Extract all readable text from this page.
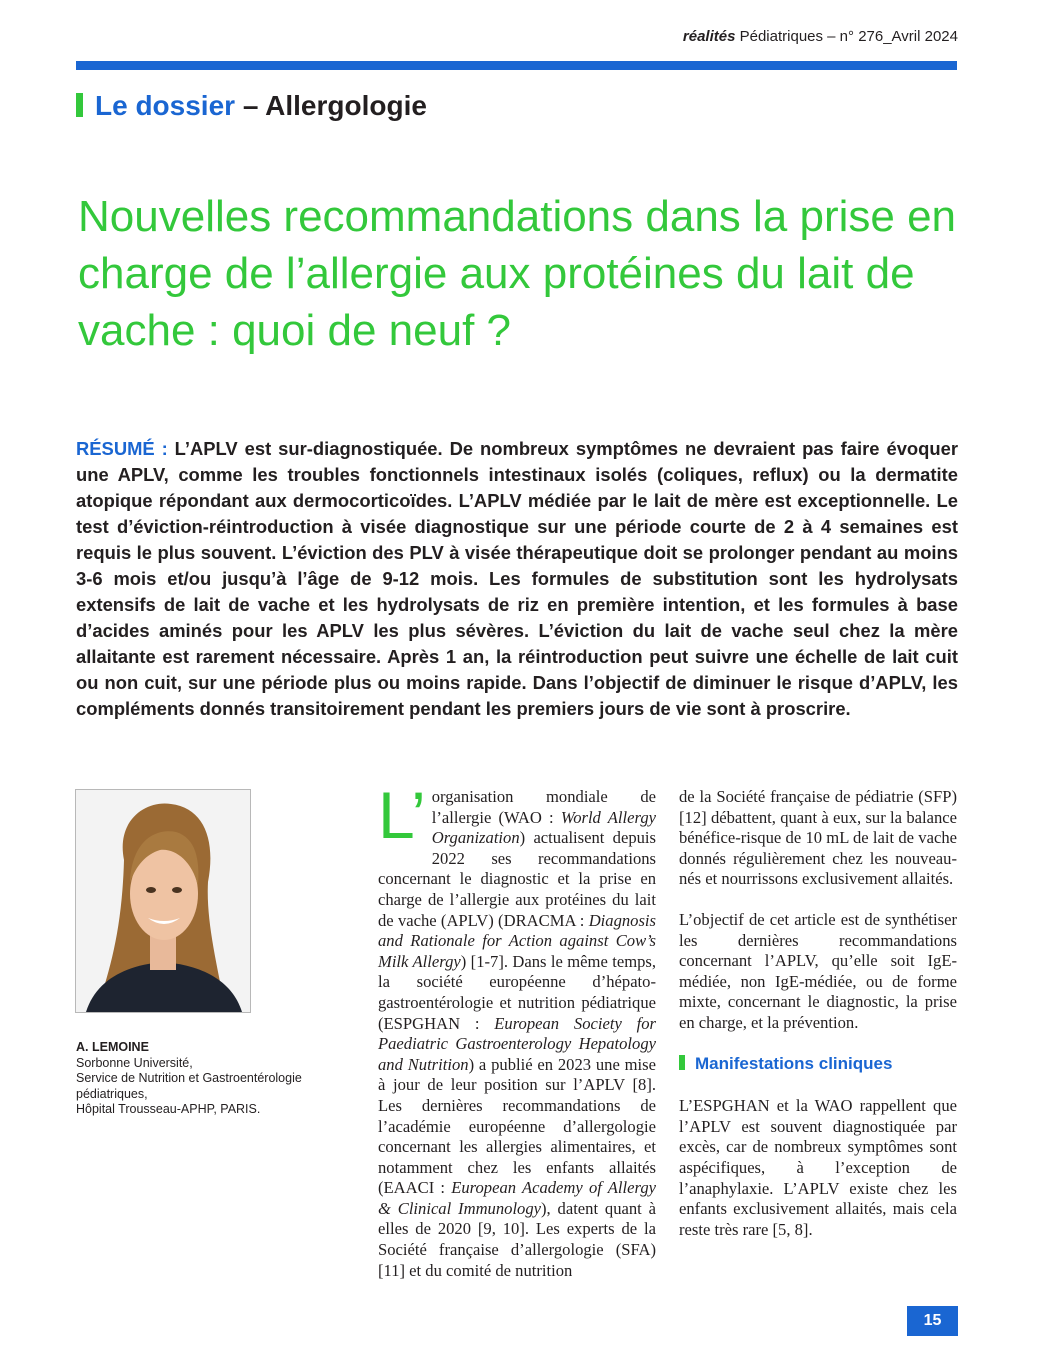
réalités Pédiatriques – n° 276_Avril 2024
Le dossier – Allergologie
Nouvelles recommandations dans la prise en charge de l’allergie aux protéines du lait de vache : quoi de neuf ?

RÉSUMÉ : L’APLV est sur-diagnostiquée. De nombreux symptômes ne devraient pas faire évoquer une APLV, comme les troubles fonctionnels intestinaux isolés (coliques, reflux) ou la dermatite atopique répondant aux dermocorticoïdes. L’APLV médiée par le lait de mère est exceptionnelle. Le test d’éviction-réintroduction à visée diagnostique sur une période courte de 2 à 4 semaines est requis le plus souvent. L’éviction des PLV à visée thérapeutique doit se prolonger pendant au moins 3-6 mois et/ou jusqu’à l’âge de 9-12 mois. Les formules de substitution sont les hydrolysats extensifs de lait de vache et les hydrolysats de riz en première intention, et les formules à base d’acides aminés pour les APLV les plus sévères. L’éviction du lait de vache seul chez la mère allaitante est rarement nécessaire. Après 1 an, la réintroduction peut suivre une échelle de lait cuit ou non cuit, sur une période plus ou moins rapide. Dans l’objectif de diminuer le risque d’APLV, les compléments donnés transitoirement pendant les premiers jours de vie sont à proscrire.

A. LEMOINE
Sorbonne Université,
Service de Nutrition et Gastroentérologie pédiatriques,
Hôpital Trousseau-APHP, PARIS.
L’ organisation mondiale de l’allergie (WAO : World Allergy Organization) actualisent depuis 2022 ses recommandations concernant le diagnostic et la prise en charge de l’allergie aux protéines du lait de vache (APLV) (DRACMA : Diagnosis and Rationale for Action against Cow’s Milk Allergy) [1-7]. Dans le même temps, la société européenne d’hépato-gastroentérologie et nutrition pédiatrique (ESPGHAN : European Society for Paediatric Gastroenterology Hepatology and Nutrition) a publié en 2023 une mise à jour de leur position sur l’APLV [8]. Les dernières recommandations de l’académie européenne d’allergologie concernant les allergies alimentaires, et notamment chez les enfants allaités (EAACI : European Academy of Allergy & Clinical Immunology), datent quant à elles de 2020 [9, 10]. Les experts de la Société française d’allergologie (SFA) [11] et du comité de nutrition

de la Société française de pédiatrie (SFP) [12] débattent, quant à eux, sur la balance bénéfice-risque de 10 mL de lait de vache donnés régulièrement chez les nouveau-nés et nourrissons exclusivement allaités.

L’objectif de cet article est de synthétiser les dernières recommandations concernant l’APLV, qu’elle soit IgE-médiée, non IgE-médiée, ou de forme mixte, concernant le diagnostic, la prise en charge, et la prévention.

Manifestations cliniques

L’ESPGHAN et la WAO rappellent que l’APLV est souvent diagnostiquée par excès, car de nombreux symptômes sont aspécifiques, à l’exception de l’anaphylaxie. L’APLV existe chez les enfants exclusivement allaités, mais cela reste très rare [5, 8].

15
